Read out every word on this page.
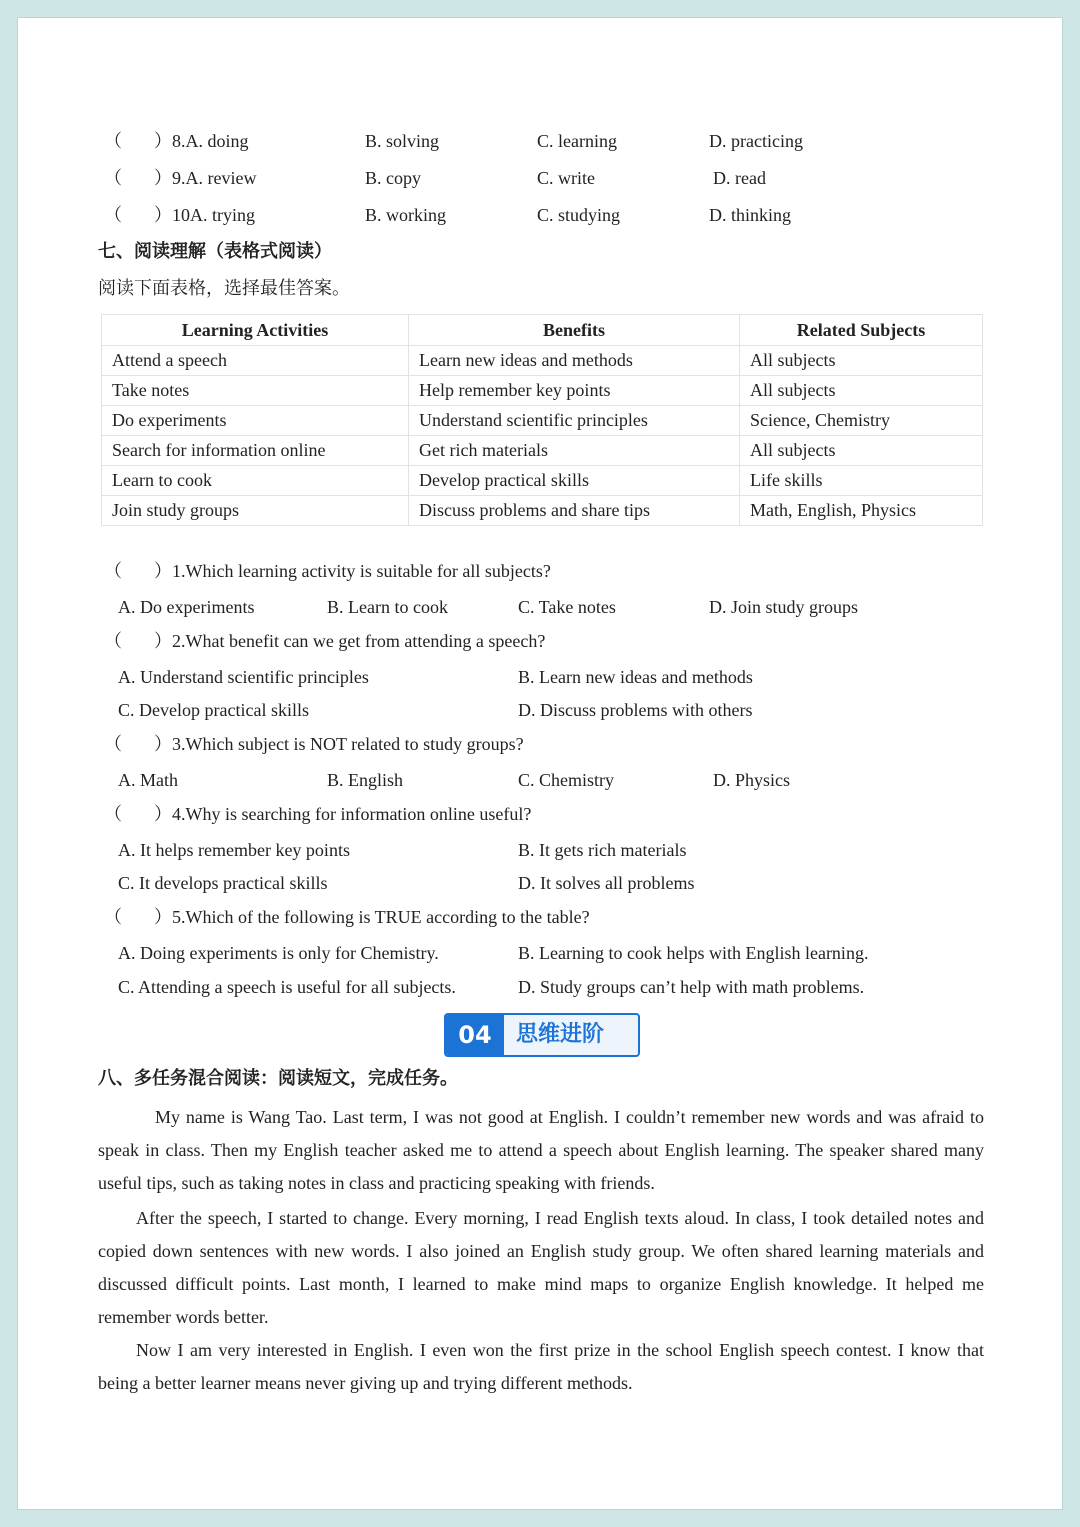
（ ）8.A. doing	B. solving	C. learning	D. practicing
（ ）9.A. review	B. copy	C. write	D. read
（ ）10A. trying	B. working	C. studying	D. thinking
七、阅读理解（表格式阅读）
阅读下面表格，选择最佳答案。
Learning Activities	Benefits	Related Subjects
Attend a speech	Learn new ideas and methods	All subjects
Take notes	Help remember key points	All subjects
Do experiments	Understand scientific principles	Science, Chemistry
Search for information online	Get rich materials	All subjects
Learn to cook	Develop practical skills	Life skills
Join study groups	Discuss problems and share tips	Math, English, Physics
（ ）1.Which learning activity is suitable for all subjects?
A. Do experiments	B. Learn to cook	C. Take notes	D. Join study groups
（ ）2.What benefit can we get from attending a speech?
A. Understand scientific principles	B. Learn new ideas and methods
C. Develop practical skills	D. Discuss problems with others
（ ）3.Which subject is NOT related to study groups?
A. Math	B. English	C. Chemistry	D. Physics
（ ）4.Why is searching for information online useful?
A. It helps remember key points	B. It gets rich materials
C. It develops practical skills	D. It solves all problems
（ ）5.Which of the following is TRUE according to the table?
A. Doing experiments is only for Chemistry.	B. Learning to cook helps with English learning.
C. Attending a speech is useful for all subjects.	D. Study groups can’t help with math problems.
04	思维进阶
八、多任务混合阅读：阅读短文，完成任务。

My name is Wang Tao. Last term, I was not good at English. I couldn’t remember new words and was afraid to speak in class. Then my English teacher asked me to attend a speech about English learning. The speaker shared many useful tips, such as taking notes in class and practicing speaking with friends.

After the speech, I started to change. Every morning, I read English texts aloud. In class, I took detailed notes and copied down sentences with new words. I also joined an English study group. We often shared learning materials and discussed difficult points. Last month, I learned to make mind maps to organize English knowledge. It helped me remember words better.

Now I am very interested in English. I even won the first prize in the school English speech contest. I know that being a better learner means never giving up and trying different methods.
